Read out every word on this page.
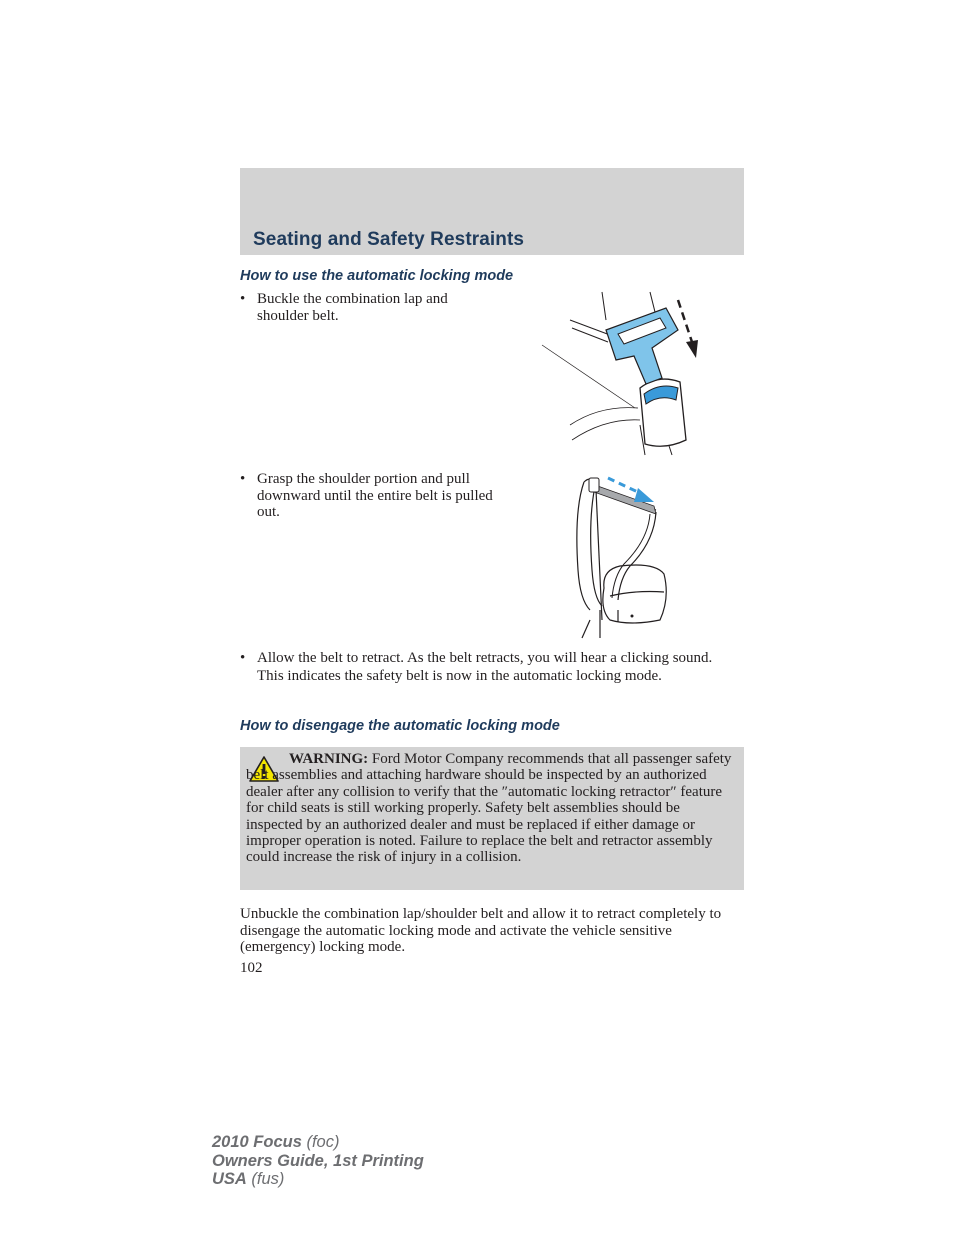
Seating and Safety Restraints
How to use the automatic locking mode
• Buckle the combination lap and shoulder belt.
• Grasp the shoulder portion and pull downward until the entire belt is pulled out.
• Allow the belt to retract. As the belt retracts, you will hear a clicking sound. This indicates the safety belt is now in the automatic locking mode.
How to disengage the automatic locking mode

WARNING: Ford Motor Company recommends that all passenger safety belt assemblies and attaching hardware should be inspected by an authorized dealer after any collision to verify that the ″automatic locking retractor″ feature for child seats is still working properly. Safety belt assemblies should be inspected by an authorized dealer and must be replaced if either damage or improper operation is noted. Failure to replace the belt and retractor assembly could increase the risk of injury in a collision.

Unbuckle the combination lap/shoulder belt and allow it to retract completely to disengage the automatic locking mode and activate the vehicle sensitive (emergency) locking mode.

102
2010 Focus (foc)
Owners Guide, 1st Printing
USA (fus)
